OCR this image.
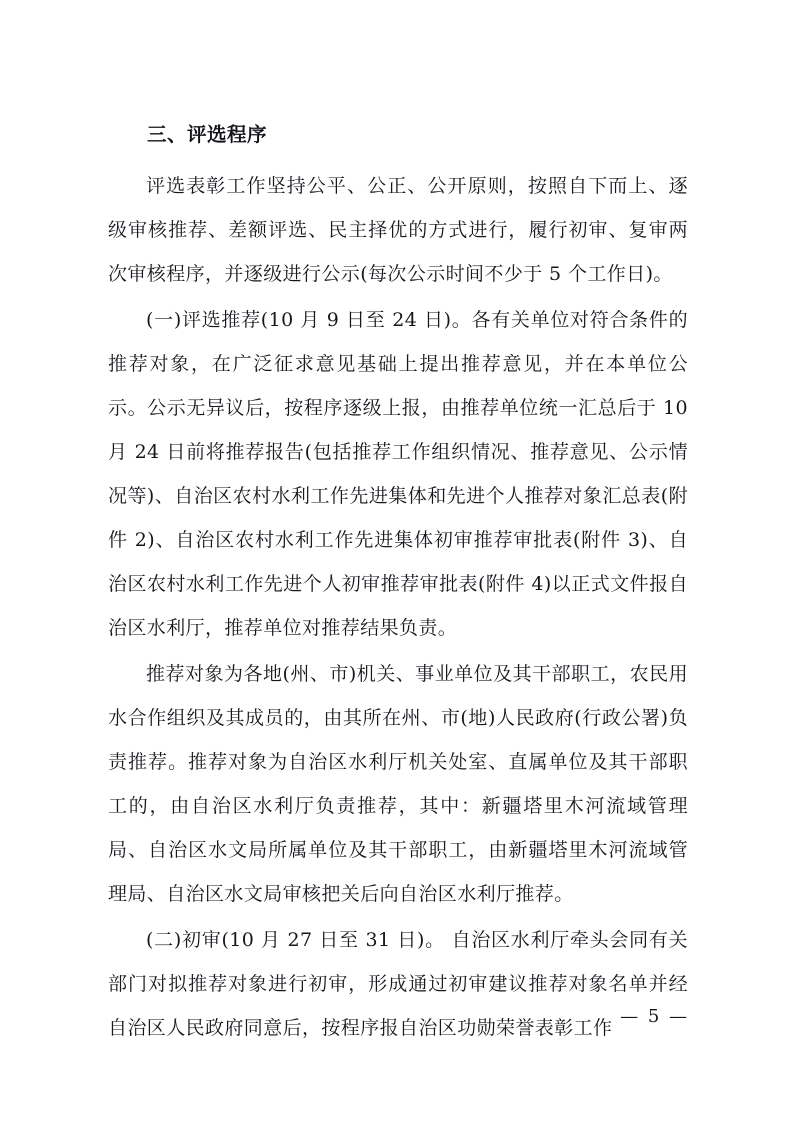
三、评选程序

评选表彰工作坚持公平、公正、公开原则，按照自下而上、逐级审核推荐、差额评选、民主择优的方式进行，履行初审、复审两次审核程序，并逐级进行公示(每次公示时间不少于 5 个工作日)。

(一)评选推荐(10 月 9 日至 24 日)。各有关单位对符合条件的推荐对象，在广泛征求意见基础上提出推荐意见，并在本单位公示。公示无异议后，按程序逐级上报，由推荐单位统一汇总后于 10 月 24 日前将推荐报告(包括推荐工作组织情况、推荐意见、公示情况等)、自治区农村水利工作先进集体和先进个人推荐对象汇总表(附件 2)、自治区农村水利工作先进集体初审推荐审批表(附件 3)、自治区农村水利工作先进个人初审推荐审批表(附件 4)以正式文件报自治区水利厅，推荐单位对推荐结果负责。

推荐对象为各地(州、市)机关、事业单位及其干部职工，农民用水合作组织及其成员的，由其所在州、市(地)人民政府(行政公署)负责推荐。推荐对象为自治区水利厅机关处室、直属单位及其干部职工的，由自治区水利厅负责推荐，其中：新疆塔里木河流域管理局、自治区水文局所属单位及其干部职工，由新疆塔里木河流域管理局、自治区水文局审核把关后向自治区水利厅推荐。

(二)初审(10 月 27 日至 31 日)。 自治区水利厅牵头会同有关部门对拟推荐对象进行初审，形成通过初审建议推荐对象名单并经自治区人民政府同意后，按程序报自治区功勋荣誉表彰工作

— 5 —
